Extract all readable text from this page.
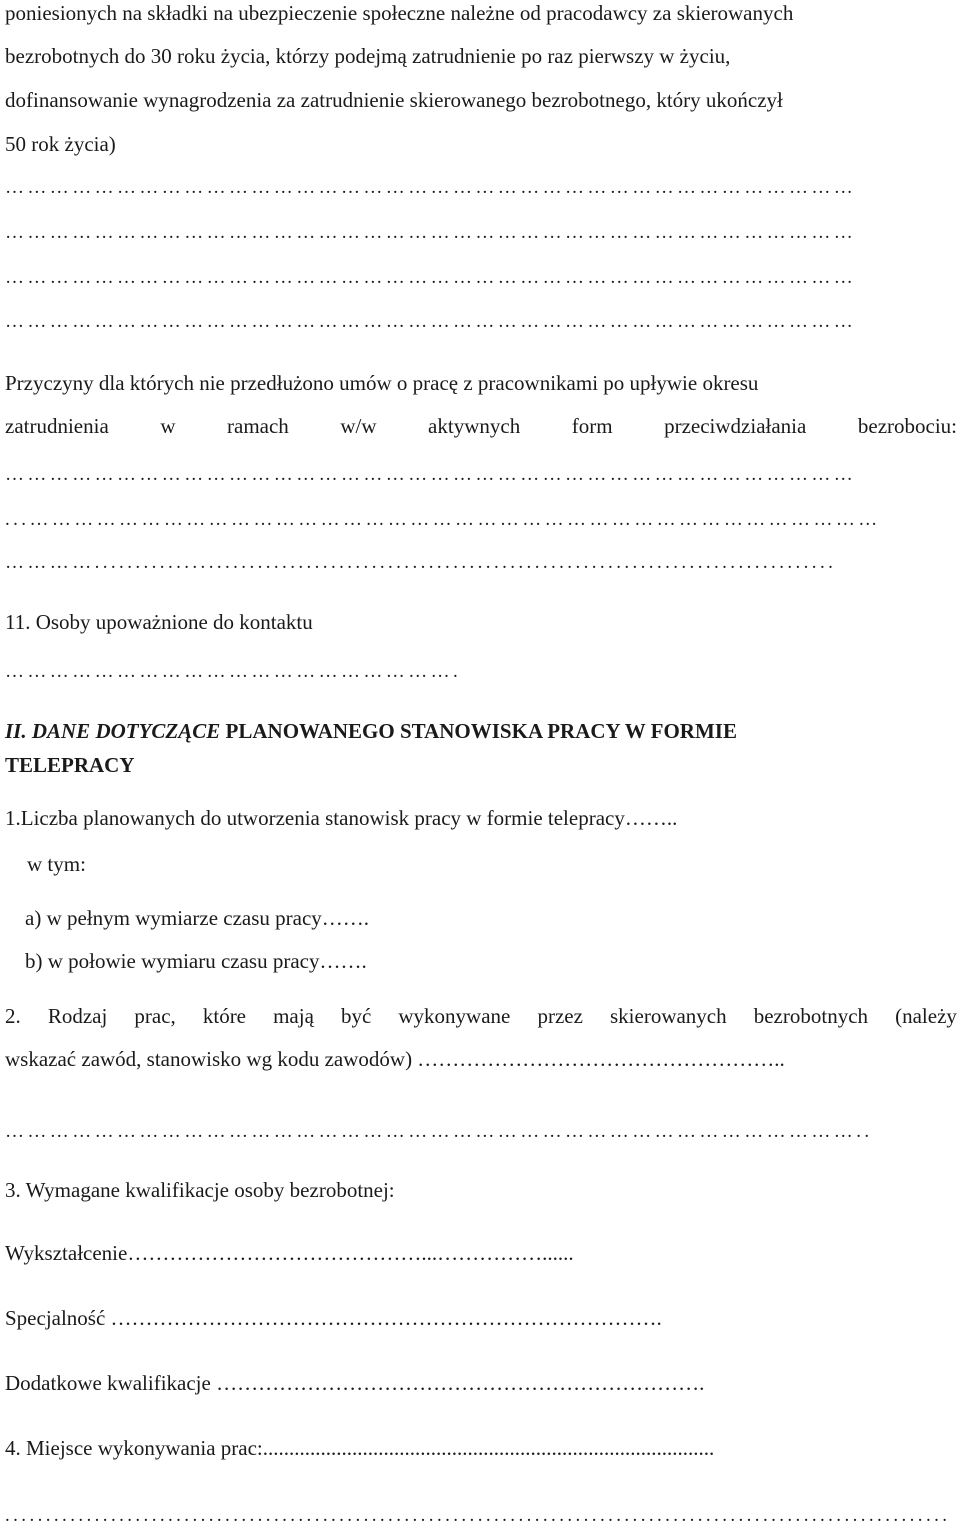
poniesionych na składki na ubezpieczenie społeczne należne od pracodawcy za skierowanych
bezrobotnych do 30 roku życia, którzy podejmą zatrudnienie po raz pierwszy w życiu,
dofinansowanie wynagrodzenia za zatrudnienie skierowanego bezrobotnego, który ukończył
50 rok życia)
……………………………………………………………………………………………………
……………………………………………………………………………………………………
……………………………………………………………………………………………………
……………………………………………………………………………………………………
Przyczyny dla których nie przedłużono umów o pracę z pracownikami po upływie okresu
zatrudnienia w ramach w/w aktywnych form przeciwdziałania bezrobociu:
……………………………………………………………………………………………………
...……………………………………………………………………………………………………
…………...........................................................................................
11. Osoby upoważnione do kontaktu
…………………………………………………….
II. DANE DOTYCZĄCE PLANOWANEGO STANOWISKA PRACY W FORMIE
TELEPRACY
1.Liczba planowanych do utworzenia stanowisk pracy w formie telepracy……..
w tym:
a) w pełnym wymiarze czasu pracy…….
b) w połowie wymiaru czasu pracy…….
2. Rodzaj prac, które mają być wykonywane przez skierowanych bezrobotnych (należy
wskazać zawód, stanowisko wg kodu zawodów) ……………………………………………..
……………………………………………………………………………………………………..
3. Wymagane kwalifikacje osoby bezrobotnej:
Wykształcenie……………………………………...……………......
Specjalność …………………………………………………………………….
Dodatkowe kwalifikacje …………………………………………………………….
4. Miejsce wykonywania prac:......................................................................................
....................................................................................................................
